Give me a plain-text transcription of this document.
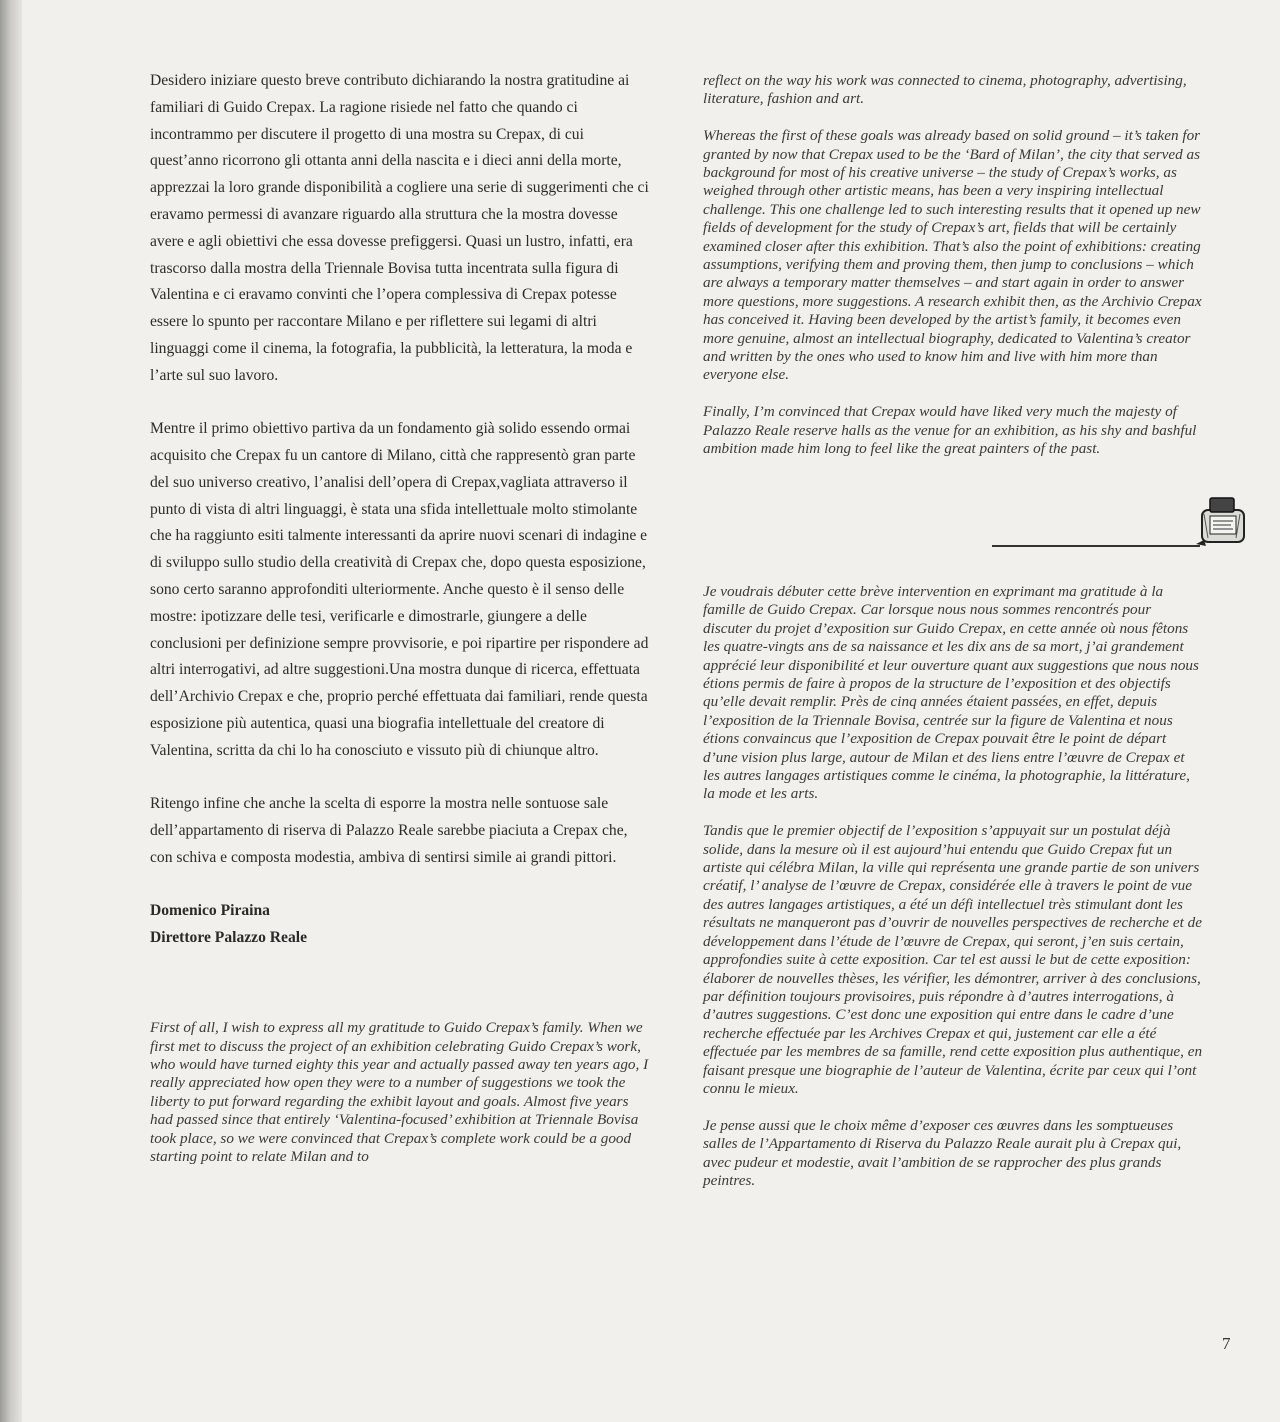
Desidero iniziare questo breve contributo dichiarando la nostra gratitudine ai familiari di Guido Crepax. La ragione risiede nel fatto che quando ci incontrammo per discutere il progetto di una mostra su Crepax, di cui quest’anno ricorrono gli ottanta anni della nascita e i dieci anni della morte, apprezzai la loro grande disponibilità a cogliere una serie di suggerimenti che ci eravamo permessi di avanzare riguardo alla struttura che la mostra dovesse avere e agli obiettivi che essa dovesse prefiggersi. Quasi un lustro, infatti, era trascorso dalla mostra della Triennale Bovisa tutta incentrata sulla figura di Valentina e ci eravamo convinti che l’opera complessiva di Crepax potesse essere lo spunto per raccontare Milano e per riflettere sui legami di altri linguaggi come il cinema, la fotografia, la pubblicità, la letteratura, la moda e l’arte sul suo lavoro.

Mentre il primo obiettivo partiva da un fondamento già solido essendo ormai acquisito che Crepax fu un cantore di Milano, città che rappresentò gran parte del suo universo creativo, l’analisi dell’opera di Crepax,vagliata attraverso il punto di vista di altri linguaggi, è stata una sfida intellettuale molto stimolante che ha raggiunto esiti talmente interessanti da aprire nuovi scenari di indagine e di sviluppo sullo studio della creatività di Crepax che, dopo questa esposizione, sono certo saranno approfonditi ulteriormente. Anche questo è il senso delle mostre: ipotizzare delle tesi, verificarle e dimostrarle, giungere a delle conclusioni per definizione sempre provvisorie, e poi ripartire per rispondere ad altri interrogativi, ad altre suggestioni.Una mostra dunque di ricerca, effettuata dell’Archivio Crepax e che, proprio perché effettuata dai familiari, rende questa esposizione più autentica, quasi una biografia intellettuale del creatore di Valentina, scritta da chi lo ha conosciuto e vissuto più di chiunque altro.

Ritengo infine che anche la scelta di esporre la mostra nelle sontuose sale dell’appartamento di riserva di Palazzo Reale sarebbe piaciuta a Crepax che, con schiva e composta modestia, ambiva di sentirsi simile ai grandi pittori.

Domenico Piraina

Direttore Palazzo Reale

First of all, I wish to express all my gratitude to Guido Crepax’s family. When we first met to discuss the project of an exhibition celebrating Guido Crepax’s work, who would have turned eighty this year and actually passed away ten years ago, I really appreciated how open they were to a number of suggestions we took the liberty to put forward regarding the exhibit layout and goals. Almost five years had passed since that entirely ‘Valentina-focused’ exhibition at Triennale Bovisa took place, so we were convinced that Crepax’s complete work could be a good starting point to relate Milan and to

reflect on the way his work was connected to cinema, photography, advertising, literature, fashion and art.

Whereas the first of these goals was already based on solid ground – it’s taken for granted by now that Crepax used to be the ‘Bard of Milan’, the city that served as background for most of his creative universe – the study of Crepax’s works, as weighed through other artistic means, has been a very inspiring intellectual challenge. This one challenge led to such interesting results that it opened up new fields of development for the study of Crepax’s art, fields that will be certainly examined closer after this exhibition. That’s also the point of exhibitions: creating assumptions, verifying them and proving them, then jump to conclusions – which are always a temporary matter themselves – and start again in order to answer more questions, more suggestions. A research exhibit then, as the Archivio Crepax has conceived it. Having been developed by the artist’s family, it becomes even more genuine, almost an intellectual biography, dedicated to Valentina’s creator and written by the ones who used to know him and live with him more than everyone else.

Finally, I’m convinced that Crepax would have liked very much the majesty of Palazzo Reale reserve halls as the venue for an exhibition, as his shy and bashful ambition made him long to feel like the great painters of the past.

Je voudrais débuter cette brève intervention en exprimant ma gratitude à la famille de Guido Crepax. Car lorsque nous nous sommes rencontrés pour discuter du projet d’exposition sur Guido Crepax, en cette année où nous fêtons les quatre-vingts ans de sa naissance et les dix ans de sa mort, j’ai grandement apprécié leur disponibilité et leur ouverture quant aux suggestions que nous nous étions permis de faire à propos de la structure de l’exposition et des objectifs qu’elle devait remplir. Près de cinq années étaient passées, en effet, depuis l’exposition de la Triennale Bovisa, centrée sur la figure de Valentina et nous étions convaincus que l’exposition de Crepax pouvait être le point de départ d’une vision plus large, autour de Milan et des liens entre l’œuvre de Crepax et les autres langages artistiques comme le cinéma, la photographie, la littérature, la mode et les arts.

Tandis que le premier objectif de l’exposition s’appuyait sur un postulat déjà solide, dans la mesure où il est aujourd’hui entendu que Guido Crepax fut un artiste qui célébra Milan, la ville qui représenta une grande partie de son univers créatif, l’ analyse de l’œuvre de Crepax, considérée elle à travers le point de vue des autres langages artistiques, a été un défi intellectuel très stimulant dont les résultats ne manqueront pas d’ouvrir de nouvelles perspectives de recherche et de développement dans l’étude de l’œuvre de Crepax, qui seront, j’en suis certain, approfondies suite à cette exposition. Car tel est aussi le but de cette exposition: élaborer de nouvelles thèses, les vérifier, les démontrer, arriver à des conclusions, par définition toujours provisoires, puis répondre à d’autres interrogations, à d’autres suggestions. C’est donc une exposition qui entre dans le cadre d’une recherche effectuée par les Archives Crepax et qui, justement car elle a été effectuée par les membres de sa famille, rend cette exposition plus authentique, en faisant presque une biographie de l’auteur de Valentina, écrite par ceux qui l’ont connu le mieux.

Je pense aussi que le choix même d’exposer ces œuvres dans les somptueuses salles de l’Appartamento di Riserva du Palazzo Reale aurait plu à Crepax qui, avec pudeur et modestie, avait l’ambition de se rapprocher des plus grands peintres.

7
